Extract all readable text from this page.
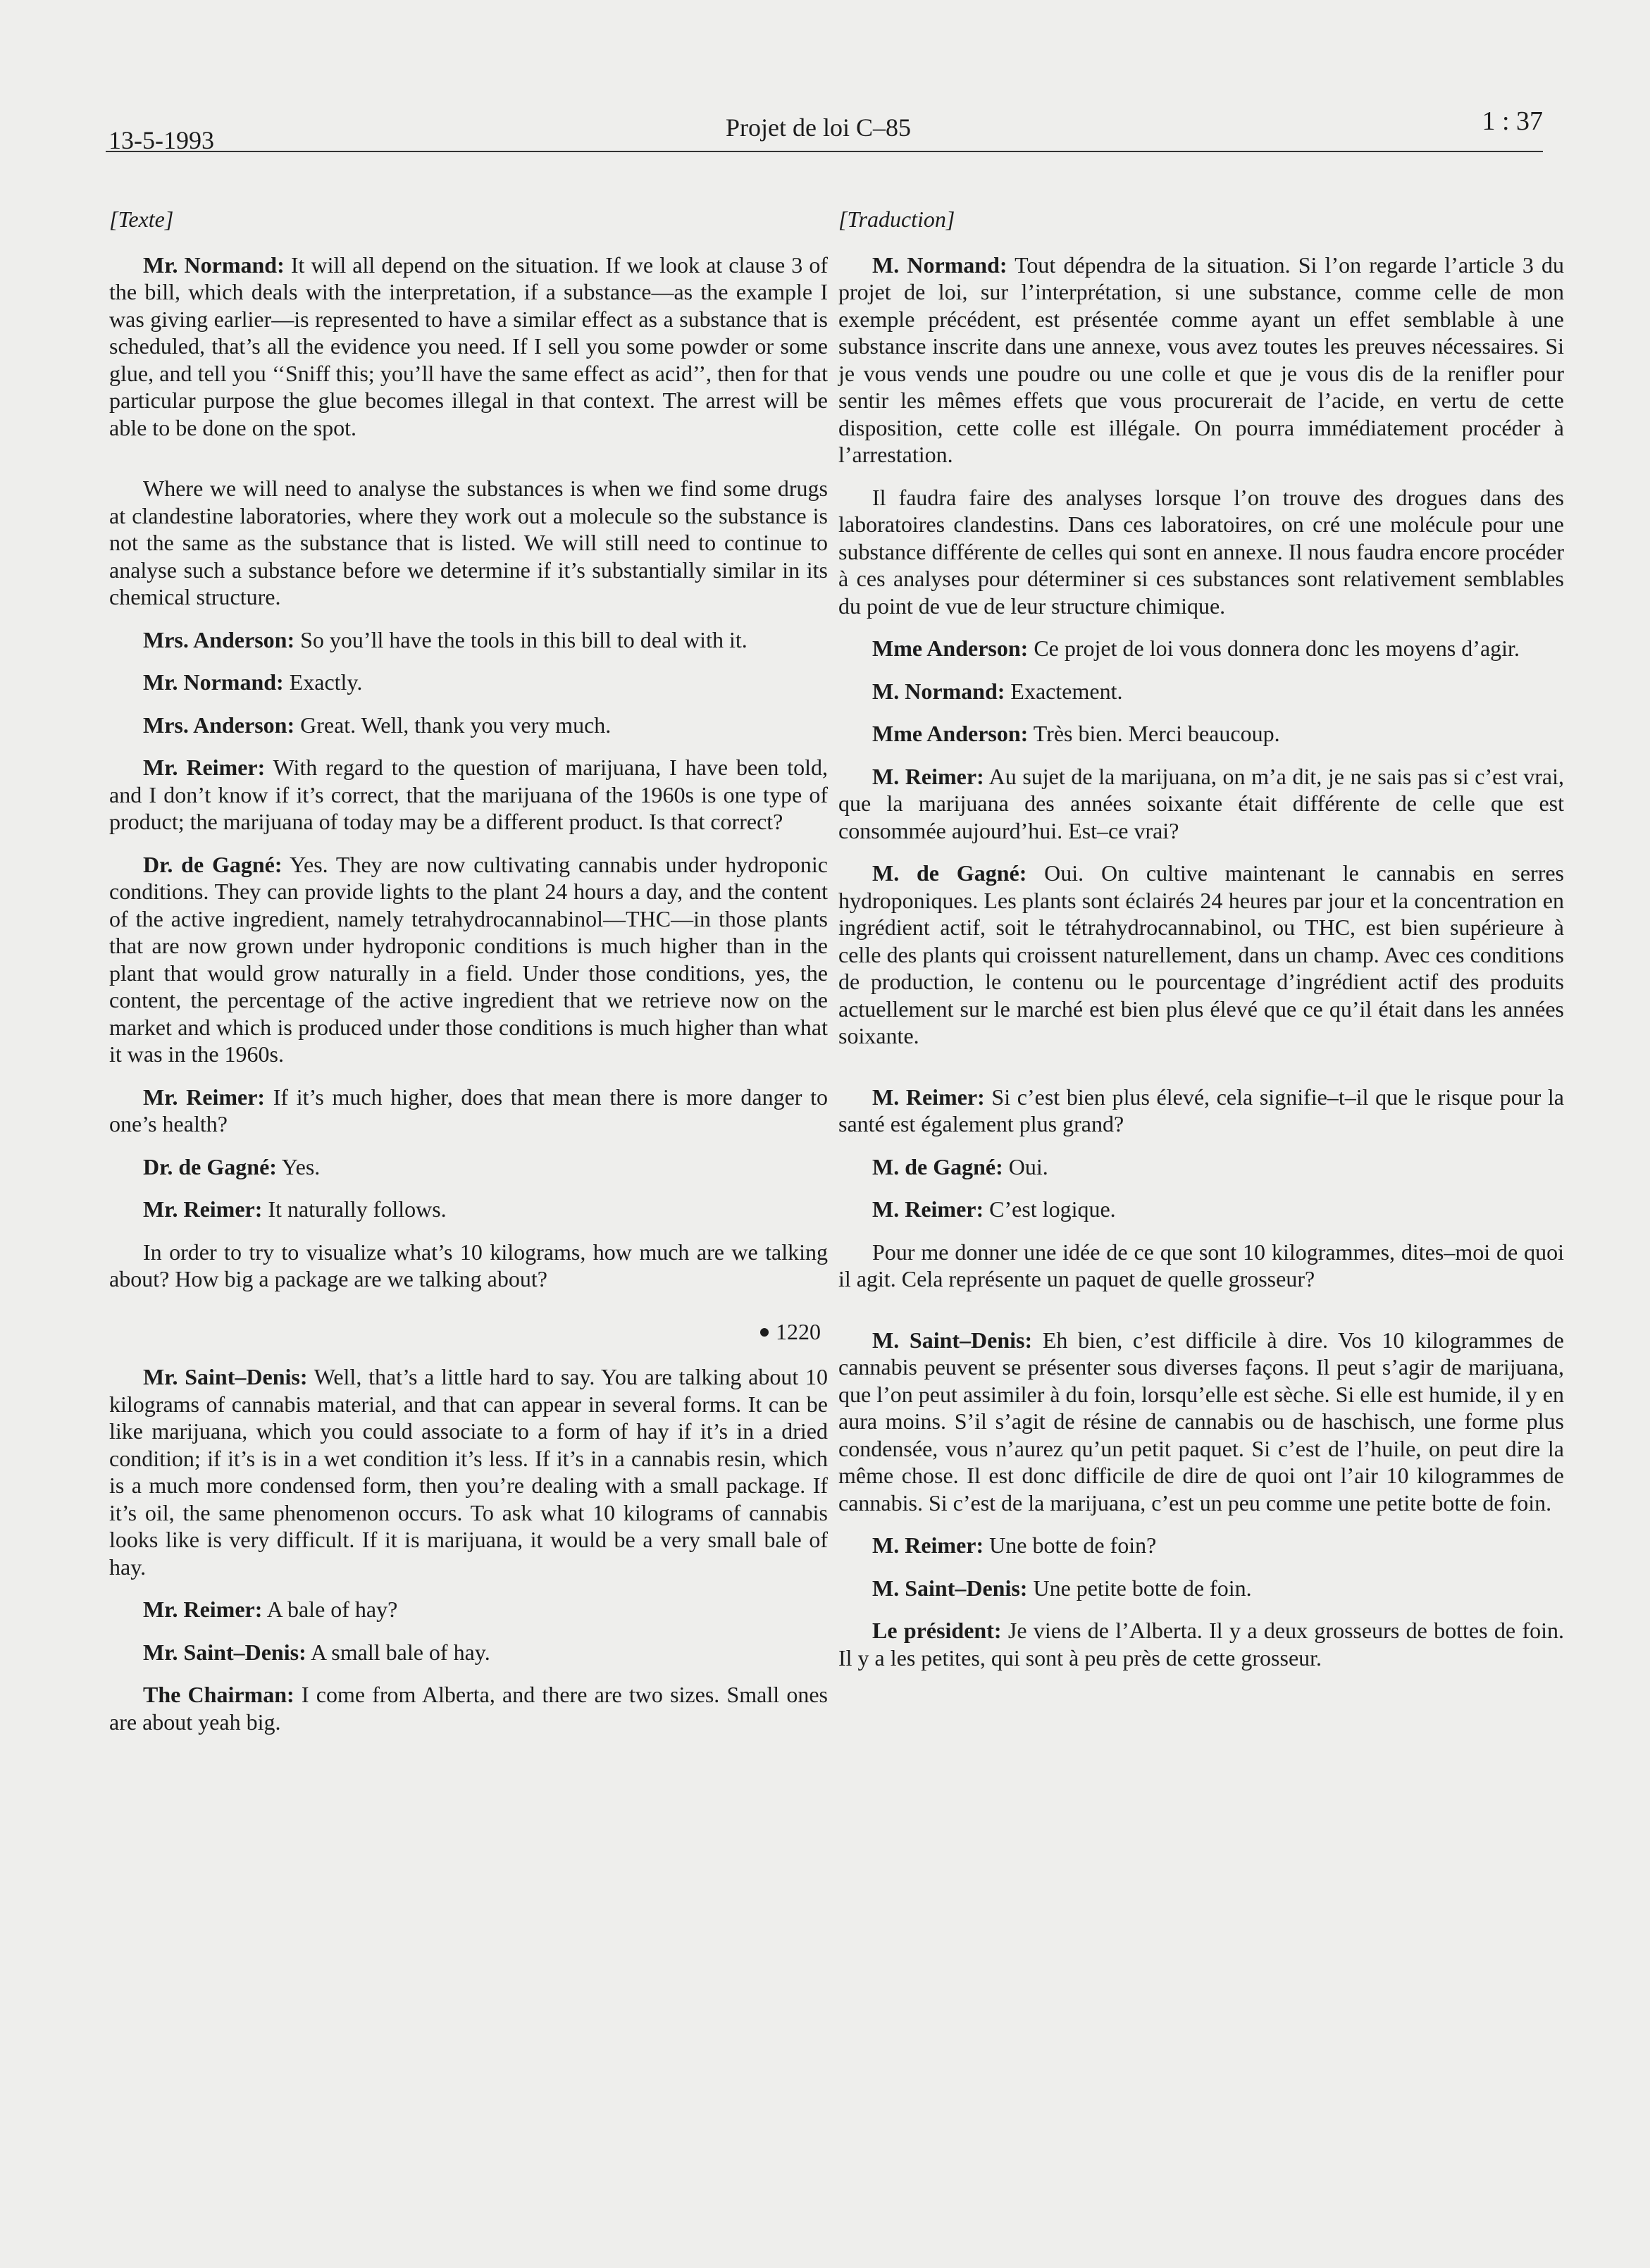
13-5-1993	Projet de loi C–85	1 : 37

[Texte]

Mr. Normand: It will all depend on the situation. If we look at clause 3 of the bill, which deals with the interpretation, if a substance—as the example I was giving earlier—is represented to have a similar effect as a substance that is scheduled, that’s all the evidence you need. If I sell you some powder or some glue, and tell you ‘‘Sniff this; you’ll have the same effect as acid’’, then for that particular purpose the glue becomes illegal in that context. The arrest will be able to be done on the spot.

Where we will need to analyse the substances is when we find some drugs at clandestine laboratories, where they work out a molecule so the substance is not the same as the substance that is listed. We will still need to continue to analyse such a substance before we determine if it’s substantially similar in its chemical structure.

Mrs. Anderson: So you’ll have the tools in this bill to deal with it.

Mr. Normand: Exactly.

Mrs. Anderson: Great. Well, thank you very much.

Mr. Reimer: With regard to the question of marijuana, I have been told, and I don’t know if it’s correct, that the marijuana of the 1960s is one type of product; the marijuana of today may be a different product. Is that correct?

Dr. de Gagné: Yes. They are now cultivating cannabis under hydroponic conditions. They can provide lights to the plant 24 hours a day, and the content of the active ingredient, namely tetrahydrocannabinol—THC—in those plants that are now grown under hydroponic conditions is much higher than in the plant that would grow naturally in a field. Under those conditions, yes, the content, the percentage of the active ingredient that we retrieve now on the market and which is produced under those conditions is much higher than what it was in the 1960s.

Mr. Reimer: If it’s much higher, does that mean there is more danger to one’s health?

Dr. de Gagné: Yes.

Mr. Reimer: It naturally follows.

In order to try to visualize what’s 10 kilograms, how much are we talking about? How big a package are we talking about?

1220

Mr. Saint–Denis: Well, that’s a little hard to say. You are talking about 10 kilograms of cannabis material, and that can appear in several forms. It can be like marijuana, which you could associate to a form of hay if it’s in a dried condition; if it’s is in a wet condition it’s less. If it’s in a cannabis resin, which is a much more condensed form, then you’re dealing with a small package. If it’s oil, the same phenomenon occurs. To ask what 10 kilograms of cannabis looks like is very difficult. If it is marijuana, it would be a very small bale of hay.

Mr. Reimer: A bale of hay?

Mr. Saint–Denis: A small bale of hay.

The Chairman: I come from Alberta, and there are two sizes. Small ones are about yeah big.

[Traduction]

M. Normand: Tout dépendra de la situation. Si l’on regarde l’article 3 du projet de loi, sur l’interprétation, si une substance, comme celle de mon exemple précédent, est présentée comme ayant un effet semblable à une substance inscrite dans une annexe, vous avez toutes les preuves nécessaires. Si je vous vends une poudre ou une colle et que je vous dis de la renifler pour sentir les mêmes effets que vous procurerait de l’acide, en vertu de cette disposition, cette colle est illégale. On pourra immédiatement procéder à l’arrestation.

Il faudra faire des analyses lorsque l’on trouve des drogues dans des laboratoires clandestins. Dans ces laboratoires, on cré une molécule pour une substance différente de celles qui sont en annexe. Il nous faudra encore procéder à ces analyses pour déterminer si ces substances sont relativement semblables du point de vue de leur structure chimique.

Mme Anderson: Ce projet de loi vous donnera donc les moyens d’agir.

M. Normand: Exactement.

Mme Anderson: Très bien. Merci beaucoup.

M. Reimer: Au sujet de la marijuana, on m’a dit, je ne sais pas si c’est vrai, que la marijuana des années soixante était différente de celle que est consommée aujourd’hui. Est–ce vrai?

M. de Gagné: Oui. On cultive maintenant le cannabis en serres hydroponiques. Les plants sont éclairés 24 heures par jour et la concentration en ingrédient actif, soit le tétrahydrocannabinol, ou THC, est bien supérieure à celle des plants qui croissent naturellement, dans un champ. Avec ces conditions de production, le contenu ou le pourcentage d’ingrédient actif des produits actuellement sur le marché est bien plus élevé que ce qu’il était dans les années soixante.

M. Reimer: Si c’est bien plus élevé, cela signifie–t–il que le risque pour la santé est également plus grand?

M. de Gagné: Oui.

M. Reimer: C’est logique.

Pour me donner une idée de ce que sont 10 kilogrammes, dites–moi de quoi il agit. Cela représente un paquet de quelle grosseur?

M. Saint–Denis: Eh bien, c’est difficile à dire. Vos 10 kilogrammes de cannabis peuvent se présenter sous diverses façons. Il peut s’agir de marijuana, que l’on peut assimiler à du foin, lorsqu’elle est sèche. Si elle est humide, il y en aura moins. S’il s’agit de résine de cannabis ou de haschisch, une forme plus condensée, vous n’aurez qu’un petit paquet. Si c’est de l’huile, on peut dire la même chose. Il est donc difficile de dire de quoi ont l’air 10 kilogrammes de cannabis. Si c’est de la marijuana, c’est un peu comme une petite botte de foin.

M. Reimer: Une botte de foin?

M. Saint–Denis: Une petite botte de foin.

Le président: Je viens de l’Alberta. Il y a deux grosseurs de bottes de foin. Il y a les petites, qui sont à peu près de cette grosseur.
